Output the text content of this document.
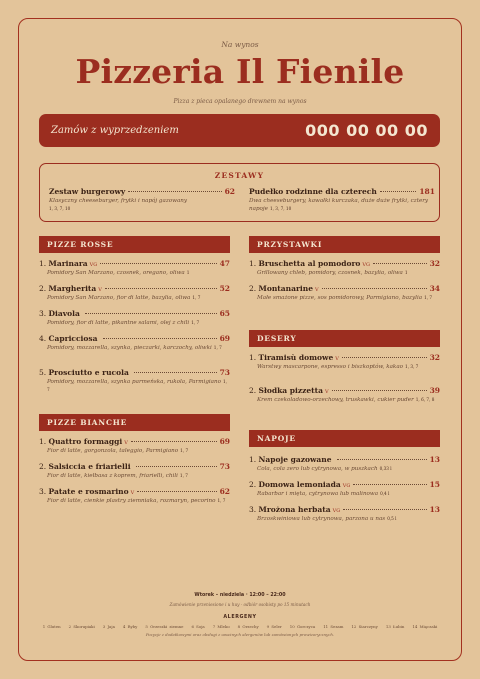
Na wynos
Pizzeria Il Fienile
Pizza z pieca opalanego drewnem na wynos
Zamów z wyprzedzeniem	000 00 00 00
ZESTAWY
Zestaw burgerowy	62
Klasyczny cheeseburger, frytki i napój gazowany
1, 3, 7, 10
Pudełko rodzinne dla czterech	181
Dwa cheeseburgery, kawałki kurczaka, duże duże frytki, cztery napoje 1, 3, 7, 10
PIZZE ROSSE
1.
Marinara VG	47
Pomidory San Marzano, czosnek, oregano, oliwa 1
2.
Margherita V	52
Pomidory San Marzano, fior di latte, bazylia, oliwa 1, 7
3.
Diavola	65
Pomidory, fior di latte, pikantne salami, olej z chili 1, 7
4.
Capricciosa	69
Pomidory, mozzarella, szynka, pieczarki, karczochy, oliwki 1, 7
5.
Prosciutto e rucola	73
Pomidory, mozzarella, szynka parmeńska, rukola, Parmigiano 1, 7
PIZZE BIANCHE
1.
Quattro formaggi V	69
Fior di latte, gorgonzola, taleggio, Parmigiano 1, 7
2.
Salsiccia e friarielli	73
Fior di latte, kiełbasa z koprem, friarielli, chili 1, 7
3.
Patate e rosmarino V	62
Fior di latte, cienkie plastry ziemniaka, rozmaryn, pecorino 1, 7
PRZYSTAWKI
1.
Bruschetta al pomodoro VG	32
Grillowany chleb, pomidory, czosnek, bazylia, oliwa 1
2.
Montanarine V	34
Małe smażone pizze, sos pomidorowy, Parmigiano, bazylia 1, 7
DESERY
1.
Tiramisù domowe V	32
Warstwy mascarpone, espresso i biszkoptów, kakao 1, 3, 7
2.
Słodka pizzetta V	39
Krem czekoladowo-orzechowy, truskawki, cukier puder 1, 6, 7, 8
NAPOJE
1.
Napoje gazowane	13
Cola, cola zero lub cytrynowa, w puszkach 0,33 l
2.
Domowa lemoniada VG	15
Rabarbar i mięta, cytrynowa lub malinowa 0,4 l
3.
Mrożona herbata VG	13
Brzoskwiniowa lub cytrynowa, parzona u nas 0,5 l
Wtorek – niedziela · 12:00 – 22:00
Zamówienie przeniesione i u huy · odbiór osobisty po 15 minutach
ALERGENY
1 Gluten 2 Skorupiaki 3 Jaja 4 Ryby 5 Orzeszki ziemne 6 Soja 7 Mleko 8 Orzechy 9 Seler 10 Gorczyca 11 Sezam 12 Siarczyny 13 Łubin 14 Mięczaki
Pozycje z dodatkowymi oraz obsługi z uważnych alergenów lub zamówionych prowizorycznych.
